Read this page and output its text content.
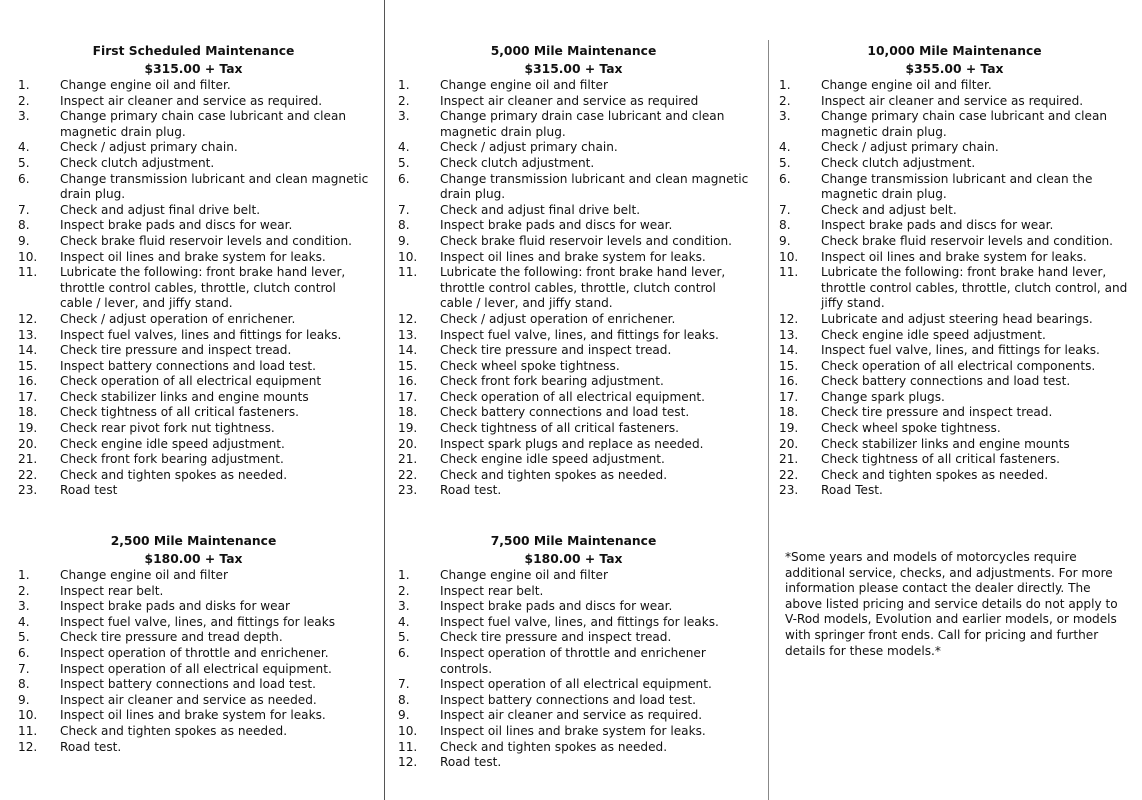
First Scheduled Maintenance
$315.00 + Tax
1.	Change engine oil and filter.
2.	Inspect air cleaner and service as required.
3.	Change primary chain case lubricant and clean magnetic drain plug.
4.	Check / adjust primary chain.
5.	Check clutch adjustment.
6.	Change transmission lubricant and clean magnetic drain plug.
7.	Check and adjust final drive belt.
8.	Inspect brake pads and discs for wear.
9.	Check brake fluid reservoir levels and condition.
10.	Inspect oil lines and brake system for leaks.
11.	Lubricate the following: front brake hand lever, throttle control cables, throttle, clutch control cable / lever, and jiffy stand.
12.	Check / adjust operation of enrichener.
13.	Inspect fuel valves, lines and fittings for leaks.
14.	Check tire pressure and inspect tread.
15.	Inspect battery connections and load test.
16.	Check operation of all electrical equipment
17.	Check stabilizer links and engine mounts
18.	Check tightness of all critical fasteners.
19.	Check rear pivot fork nut tightness.
20.	Check engine idle speed adjustment.
21.	Check front fork bearing adjustment.
22.	Check and tighten spokes as needed.
23.	Road test
5,000 Mile Maintenance
$315.00 + Tax
1.	Change engine oil and filter
2.	Inspect air cleaner and service as required
3.	Change primary drain case lubricant and clean magnetic drain plug.
4.	Check / adjust primary chain.
5.	Check clutch adjustment.
6.	Change transmission lubricant and clean magnetic drain plug.
7.	Check and adjust final drive belt.
8.	Inspect brake pads and discs for wear.
9.	Check brake fluid reservoir levels and condition.
10.	Inspect oil lines and brake system for leaks.
11.	Lubricate the following: front brake hand lever, throttle control cables, throttle, clutch control cable / lever, and jiffy stand.
12.	Check / adjust operation of enrichener.
13.	Inspect fuel valve, lines, and fittings for leaks.
14.	Check tire pressure and inspect tread.
15.	Check wheel spoke tightness.
16.	Check front fork bearing adjustment.
17.	Check operation of all electrical equipment.
18.	Check battery connections and load test.
19.	Check tightness of all critical fasteners.
20.	Inspect spark plugs and replace as needed.
21.	Check engine idle speed adjustment.
22.	Check and tighten spokes as needed.
23.	Road test.
10,000 Mile Maintenance
$355.00 + Tax
1.	Change engine oil and filter.
2.	Inspect air cleaner and service as required.
3.	Change primary chain case lubricant and clean magnetic drain plug.
4.	Check / adjust primary chain.
5.	Check clutch adjustment.
6.	Change transmission lubricant and clean the magnetic drain plug.
7.	Check and adjust belt.
8.	Inspect brake pads and discs for wear.
9.	Check brake fluid reservoir levels and condition.
10.	Inspect oil lines and brake system for leaks.
11.	Lubricate the following: front brake hand lever, throttle control cables, throttle, clutch control, and jiffy stand.
12.	Lubricate and adjust steering head bearings.
13.	Check engine idle speed adjustment.
14.	Inspect fuel valve, lines, and fittings for leaks.
15.	Check operation of all electrical components.
16.	Check battery connections and load test.
17.	Change spark plugs.
18.	Check tire pressure and inspect tread.
19.	Check wheel spoke tightness.
20.	Check stabilizer links and engine mounts
21.	Check tightness of all critical fasteners.
22.	Check and tighten spokes as needed.
23.	Road Test.
2,500 Mile Maintenance
$180.00 + Tax
1.	Change engine oil and filter
2.	Inspect rear belt.
3.	Inspect brake pads and disks for wear
4.	Inspect fuel valve, lines, and fittings for leaks
5.	Check tire pressure and tread depth.
6.	Inspect operation of throttle and enrichener.
7.	Inspect operation of all electrical equipment.
8.	Inspect battery connections and load test.
9.	Inspect air cleaner and service as needed.
10.	Inspect oil lines and brake system for leaks.
11.	Check and tighten spokes as needed.
12.	Road test.
7,500 Mile Maintenance
$180.00 + Tax
1.	Change engine oil and filter
2.	Inspect rear belt.
3.	Inspect brake pads and discs for wear.
4.	Inspect fuel valve, lines, and fittings for leaks.
5.	Check tire pressure and inspect tread.
6.	Inspect operation of throttle and enrichener controls.
7.	Inspect operation of all electrical equipment.
8.	Inspect battery connections and load test.
9.	Inspect air cleaner and service as required.
10.	Inspect oil lines and brake system for leaks.
11.	Check and tighten spokes as needed.
12.	Road test.
*Some years and models of motorcycles require additional service, checks, and adjustments. For more information please contact the dealer directly. The above listed pricing and service details do not apply to V-Rod models, Evolution and earlier models, or models with springer front ends. Call for pricing and further details for these models.*
